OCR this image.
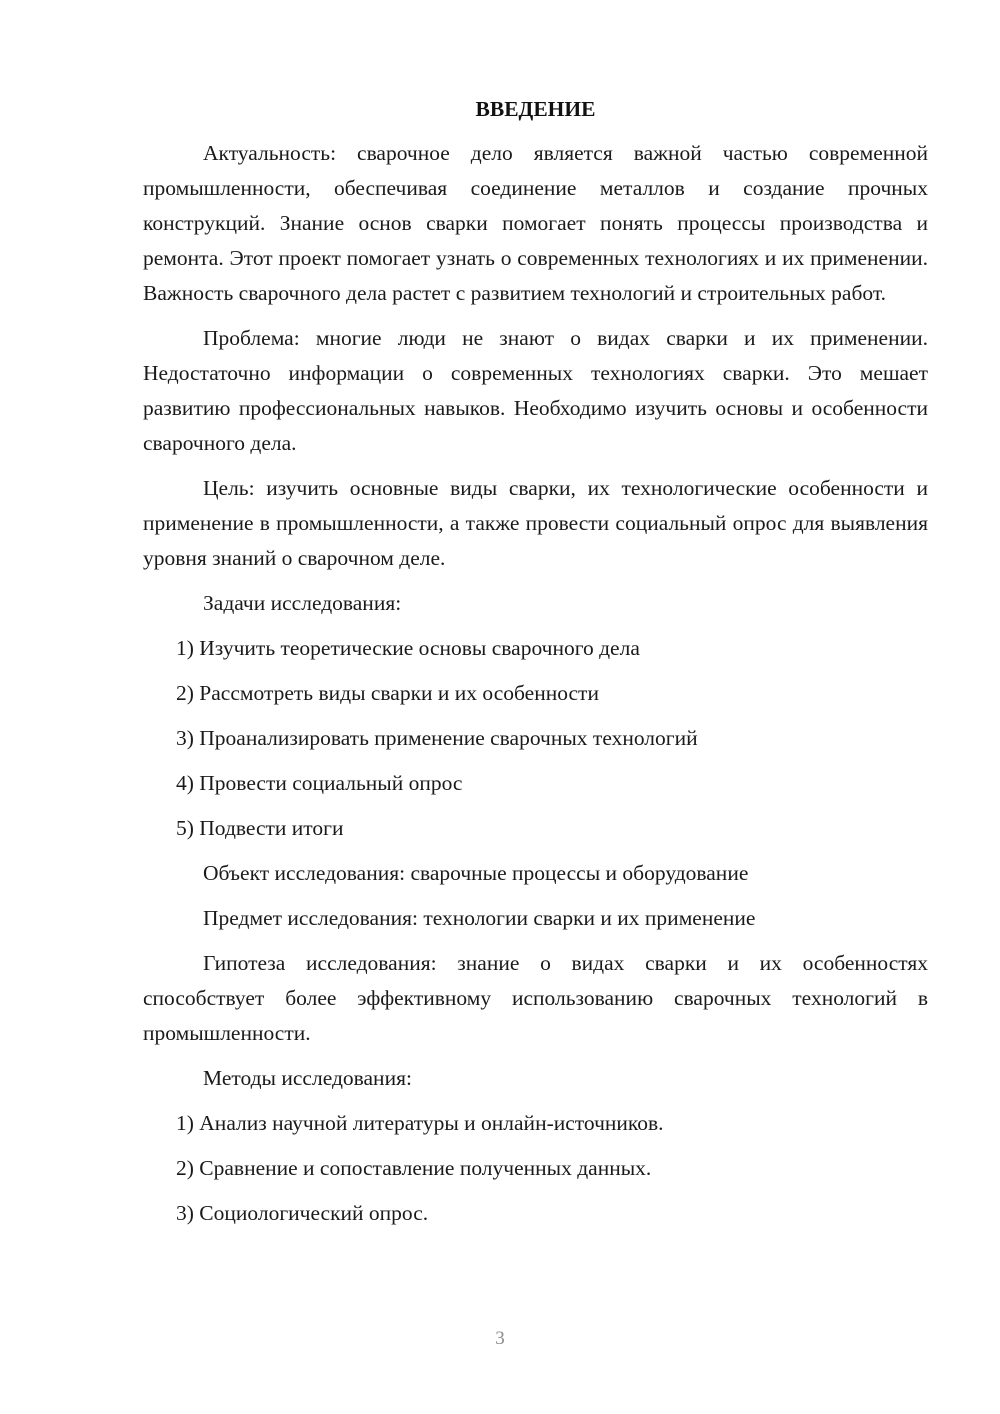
ВВЕДЕНИЕ

Актуальность: сварочное дело является важной частью современной промышленности, обеспечивая соединение металлов и создание прочных конструкций. Знание основ сварки помогает понять процессы производства и ремонта. Этот проект помогает узнать о современных технологиях и их применении. Важность сварочного дела растет с развитием технологий и строительных работ.

Проблема: многие люди не знают о видах сварки и их применении. Недостаточно информации о современных технологиях сварки. Это мешает развитию профессиональных навыков. Необходимо изучить основы и особенности сварочного дела.

Цель: изучить основные виды сварки, их технологические особенности и применение в промышленности, а также провести социальный опрос для выявления уровня знаний о сварочном деле.

Задачи исследования:

1) Изучить теоретические основы сварочного дела
2) Рассмотреть виды сварки и их особенности
3) Проанализировать применение сварочных технологий
4) Провести социальный опрос
5) Подвести итоги

Объект исследования: сварочные процессы и оборудование

Предмет исследования: технологии сварки и их применение

Гипотеза исследования: знание о видах сварки и их особенностях способствует более эффективному использованию сварочных технологий в промышленности.

Методы исследования:

1) Анализ научной литературы и онлайн-источников.
2) Сравнение и сопоставление полученных данных.
3) Социологический опрос.
3
